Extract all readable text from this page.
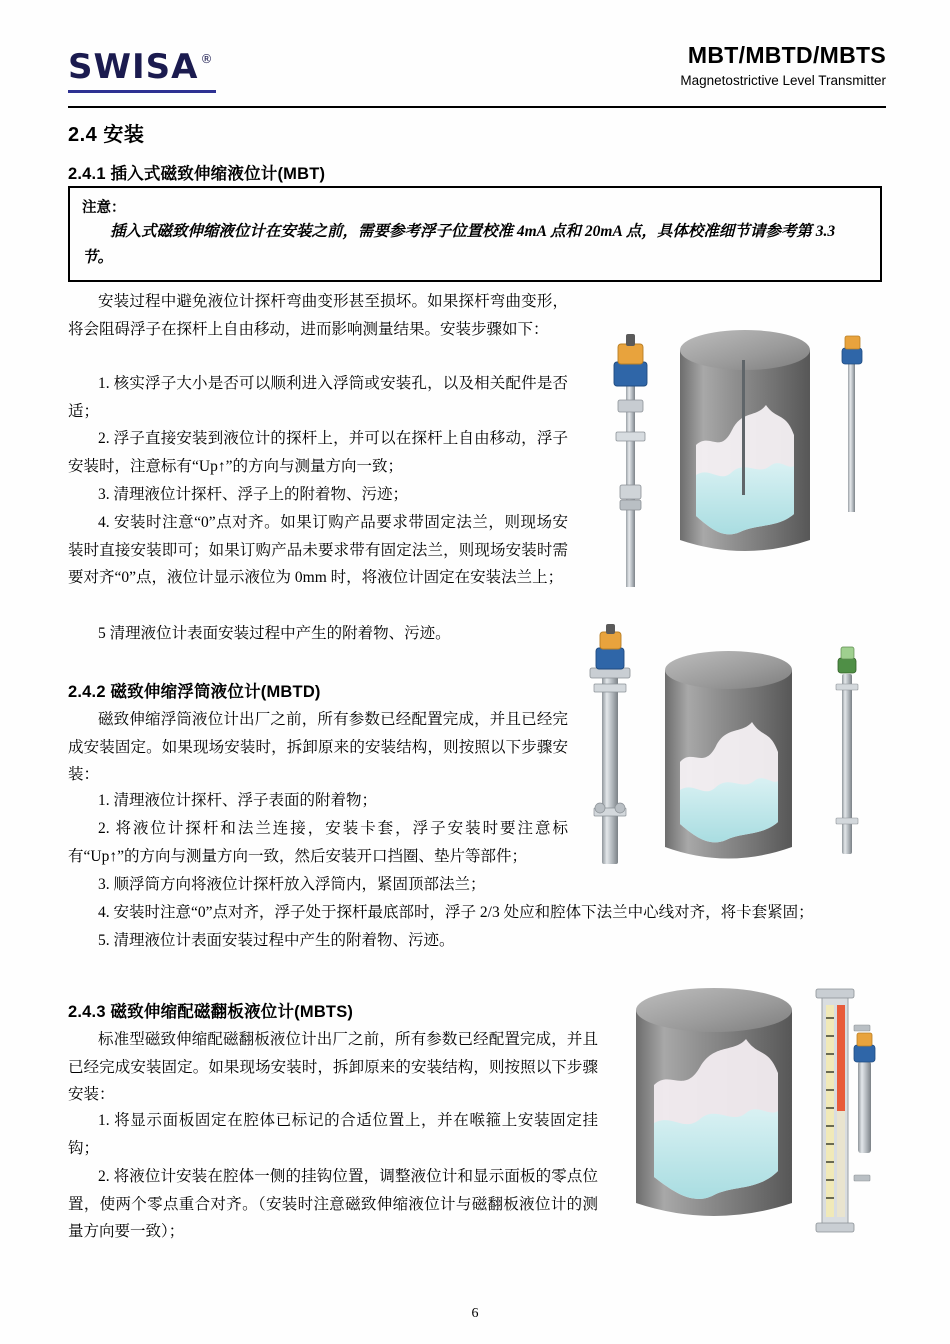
SWISA ®	MBT/MBTD/MBTS
Magnetostrictive Level Transmitter
2.4 安装
2.4.1 插入式磁致伸缩液位计(MBT)
注意：
插入式磁致伸缩液位计在安装之前，需要参考浮子位置校准 4mA 点和 20mA 点，具体校准细节请参考第 3.3 节。
安装过程中避免液位计探杆弯曲变形甚至损坏。如果探杆弯曲变形，将会阻碍浮子在探杆上自由移动，进而影响测量结果。安装步骤如下：
1. 核实浮子大小是否可以顺利进入浮筒或安装孔，以及相关配件是否适；
2. 浮子直接安装到液位计的探杆上，并可以在探杆上自由移动，浮子安装时，注意标有“Up↑”的方向与测量方向一致；
3. 清理液位计探杆、浮子上的附着物、污迹；
4. 安装时注意“0”点对齐。如果订购产品要求带固定法兰，则现场安装时直接安装即可；如果订购产品未要求带有固定法兰，则现场安装时需要对齐“0”点，液位计显示液位为 0mm 时，将液位计固定在安装法兰上；
5 清理液位计表面安装过程中产生的附着物、污迹。
2.4.2 磁致伸缩浮筒液位计(MBTD)
磁致伸缩浮筒液位计出厂之前，所有参数已经配置完成，并且已经完成安装固定。如果现场安装时，拆卸原来的安装结构，则按照以下步骤安装：
1. 清理液位计探杆、浮子表面的附着物；
2. 将液位计探杆和法兰连接，安装卡套，浮子安装时要注意标有“Up↑”的方向与测量方向一致，然后安装开口挡圈、垫片等部件；
3. 顺浮筒方向将液位计探杆放入浮筒内，紧固顶部法兰；
4. 安装时注意“0”点对齐，浮子处于探杆最底部时，浮子 2/3 处应和腔体下法兰中心线对齐，将卡套紧固；
5. 清理液位计表面安装过程中产生的附着物、污迹。
2.4.3 磁致伸缩配磁翻板液位计(MBTS)
标准型磁致伸缩配磁翻板液位计出厂之前，所有参数已经配置完成，并且已经完成安装固定。如果现场安装时，拆卸原来的安装结构，则按照以下步骤安装：
1. 将显示面板固定在腔体已标记的合适位置上，并在喉箍上安装固定挂钩；
2. 将液位计安装在腔体一侧的挂钩位置，调整液位计和显示面板的零点位置，使两个零点重合对齐。（安装时注意磁致伸缩液位计与磁翻板液位计的测量方向要一致）；
6
